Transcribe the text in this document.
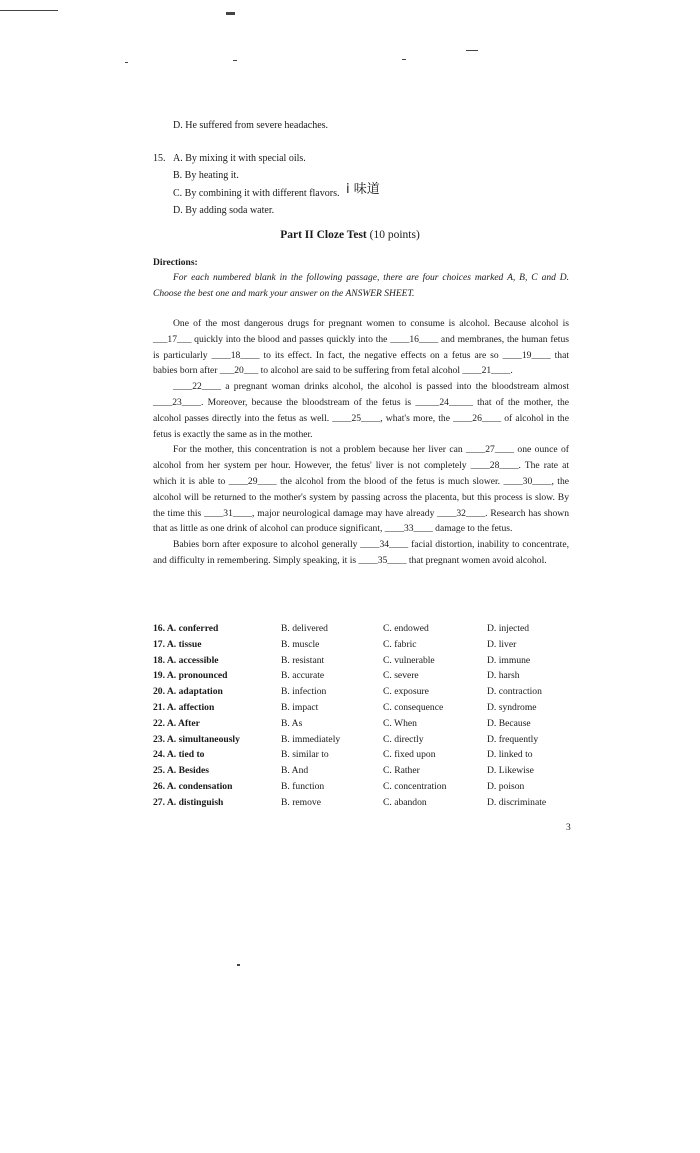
D. He suffered from severe headaches.
15. A. By mixing it with special oils.
B. By heating it.
C. By combining it with different flavors. ⅰ 味道
D. By adding soda water.
Part II Cloze Test (10 points)
Directions:
For each numbered blank in the following passage, there are four choices marked A, B, C and D. Choose the best one and mark your answer on the ANSWER SHEET.

One of the most dangerous drugs for pregnant women to consume is alcohol. Because alcohol is ___17___ quickly into the blood and passes quickly into the ____16____ and membranes, the human fetus is particularly ____18____ to its effect. In fact, the negative effects on a fetus are so ____19____ that babies born after ___20___ to alcohol are said to be suffering from fetal alcohol ____21____.

____22____ a pregnant woman drinks alcohol, the alcohol is passed into the bloodstream almost ____23____. Moreover, because the bloodstream of the fetus is _____24_____ that of the mother, the alcohol passes directly into the fetus as well. ____25____, what's more, the ____26____ of alcohol in the fetus is exactly the same as in the mother.

For the mother, this concentration is not a problem because her liver can ____27____ one ounce of alcohol from her system per hour. However, the fetus' liver is not completely ____28____. The rate at which it is able to ____29____ the alcohol from the blood of the fetus is much slower. ____30____, the alcohol will be returned to the mother's system by passing across the placenta, but this process is slow. By the time this ____31____, major neurological damage may have already ____32____. Research has shown that as little as one drink of alcohol can produce significant, ____33____ damage to the fetus.

Babies born after exposure to alcohol generally ____34____ facial distortion, inability to concentrate, and difficulty in remembering. Simply speaking, it is ____35____ that pregnant women avoid alcohol.

16. A. conferred	B. delivered	C. endowed	D. injected
17. A. tissue	B. muscle	C. fabric	D. liver
18. A. accessible	B. resistant	C. vulnerable	D. immune
19. A. pronounced	B. accurate	C. severe	D. harsh
20. A. adaptation	B. infection	C. exposure	D. contraction
21. A. affection	B. impact	C. consequence	D. syndrome
22. A. After	B. As	C. When	D. Because
23. A. simultaneously	B. immediately	C. directly	D. frequently
24. A. tied to	B. similar to	C. fixed upon	D. linked to
25. A. Besides	B. And	C. Rather	D. Likewise
26. A. condensation	B. function	C. concentration	D. poison
27. A. distinguish	B. remove	C. abandon	D. discriminate
3
